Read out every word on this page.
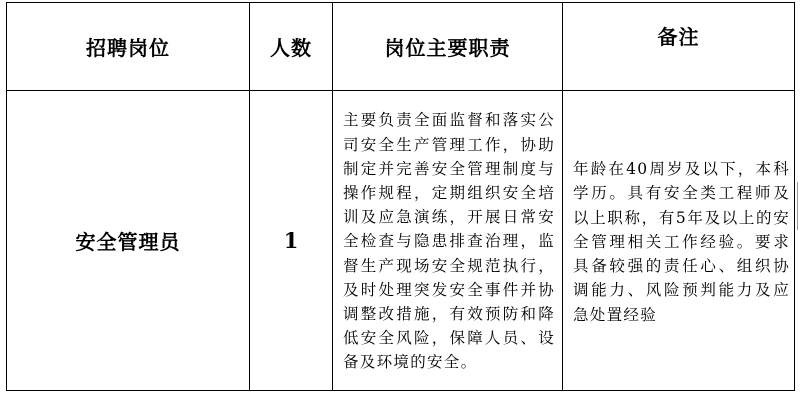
招聘岗位	人数	岗位主要职责	备注

安全管理员	1	主要负责全面监督和落实公司安全生产管理工作，协助制定并完善安全管理制度与操作规程，定期组织安全培训及应急演练，开展日常安全检查与隐患排查治理，监督生产现场安全规范执行，及时处理突发安全事件并协调整改措施，有效预防和降低安全风险，保障人员、设备及环境的安全。	年龄在40周岁及以下，本科学历。具有安全类工程师及以上职称，有5年及以上的安全管理相关工作经验。要求具备较强的责任心、组织协调能力、风险预判能力及应急处置经验
